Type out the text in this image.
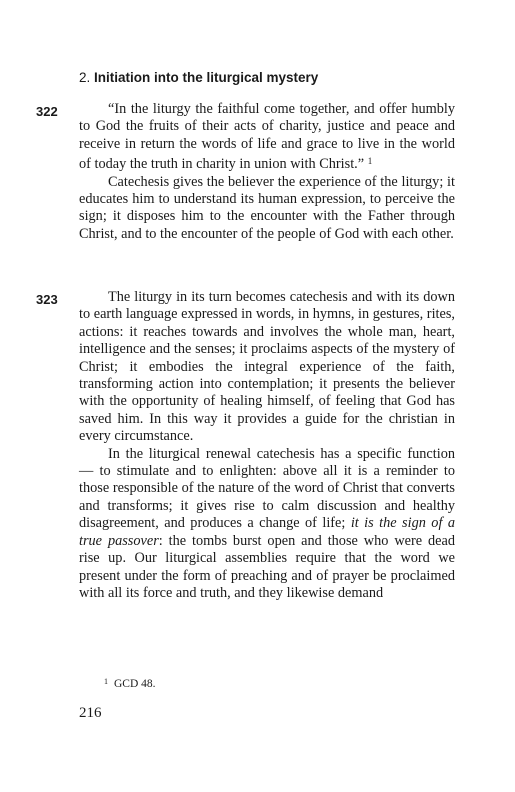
2. Initiation into the liturgical mystery
322	“In the liturgy the faithful come together, and offer humbly to God the fruits of their acts of charity, justice and peace and receive in return the words of life and grace to live in the world of today the truth in charity in union with Christ.” $^1$

Catechesis gives the believer the experience of the liturgy; it educates him to understand its human expression, to perceive the sign; it disposes him to the encounter with the Father through Christ, and to the encounter of the people of God with each other.

323	The liturgy in its turn becomes catechesis and with its down to earth language expressed in words, in hymns, in gestures, rites, actions: it reaches towards and involves the whole man, heart, intelligence and the senses; it proclaims aspects of the mystery of Christ; it embodies the integral experience of the faith, transforming action into contemplation; it presents the believer with the opportunity of healing himself, of feeling that God has saved him. In this way it provides a guide for the christian in every circumstance.

In the liturgical renewal catechesis has a specific function — to stimulate and to enlighten: above all it is a reminder to those responsible of the nature of the word of Christ that converts and transforms; it gives rise to calm discussion and healthy disagreement, and produces a change of life; it is the sign of a true passover: the tombs burst open and those who were dead rise up. Our liturgical assemblies require that the word we present under the form of preaching and of prayer be proclaimed with all its force and truth, and they likewise demand

$^1$ GCD 48.
216
